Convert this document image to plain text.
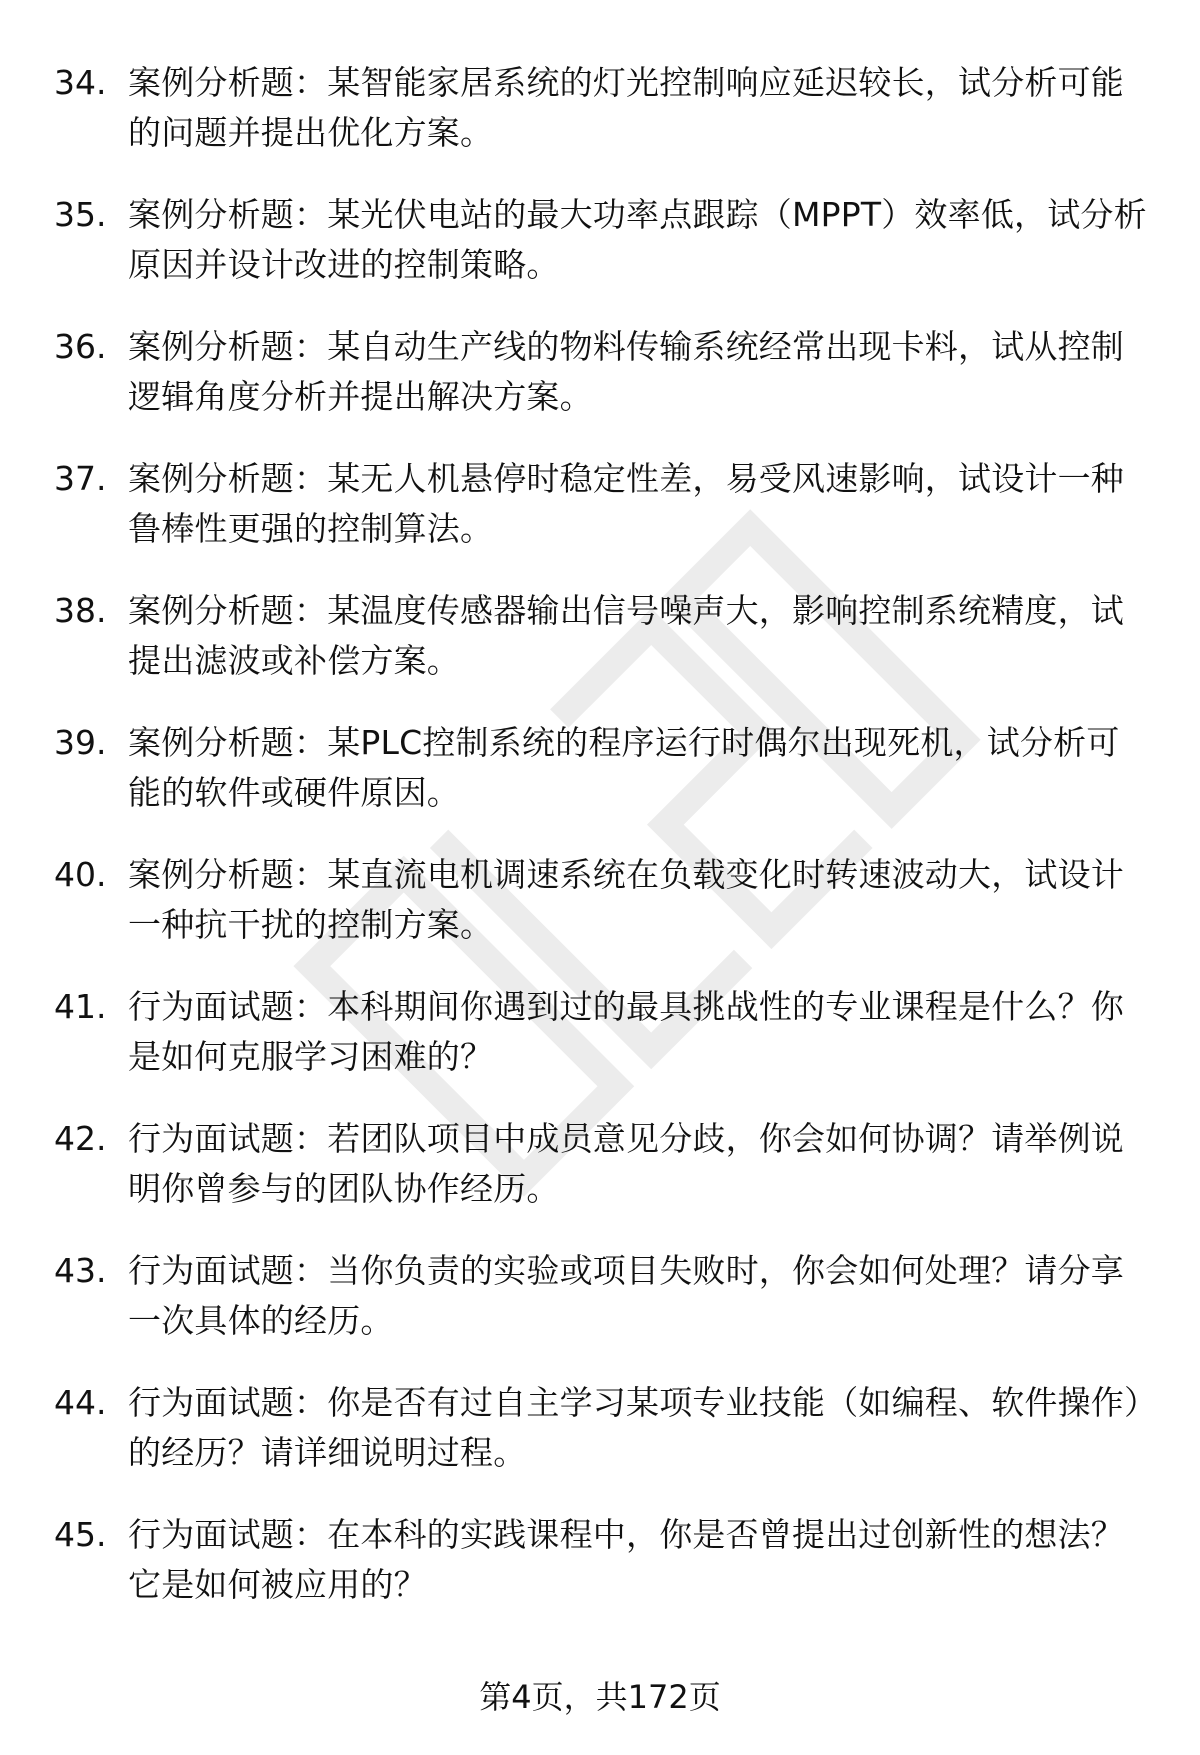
34. 案例分析题：某智能家居系统的灯光控制响应延迟较长，试分析可能的问题并提出优化方案。
35. 案例分析题：某光伏电站的最大功率点跟踪（MPPT）效率低，试分析原因并设计改进的控制策略。
36. 案例分析题：某自动生产线的物料传输系统经常出现卡料，试从控制逻辑角度分析并提出解决方案。
37. 案例分析题：某无人机悬停时稳定性差，易受风速影响，试设计一种鲁棒性更强的控制算法。
38. 案例分析题：某温度传感器输出信号噪声大，影响控制系统精度，试提出滤波或补偿方案。
39. 案例分析题：某PLC控制系统的程序运行时偶尔出现死机，试分析可能的软件或硬件原因。
40. 案例分析题：某直流电机调速系统在负载变化时转速波动大，试设计一种抗干扰的控制方案。
41. 行为面试题：本科期间你遇到过的最具挑战性的专业课程是什么？你是如何克服学习困难的？
42. 行为面试题：若团队项目中成员意见分歧，你会如何协调？请举例说明你曾参与的团队协作经历。
43. 行为面试题：当你负责的实验或项目失败时，你会如何处理？请分享一次具体的经历。
44. 行为面试题：你是否有过自主学习某项专业技能（如编程、软件操作）的经历？请详细说明过程。
45. 行为面试题：在本科的实践课程中，你是否曾提出过创新性的想法？它是如何被应用的？
第4页，共172页
